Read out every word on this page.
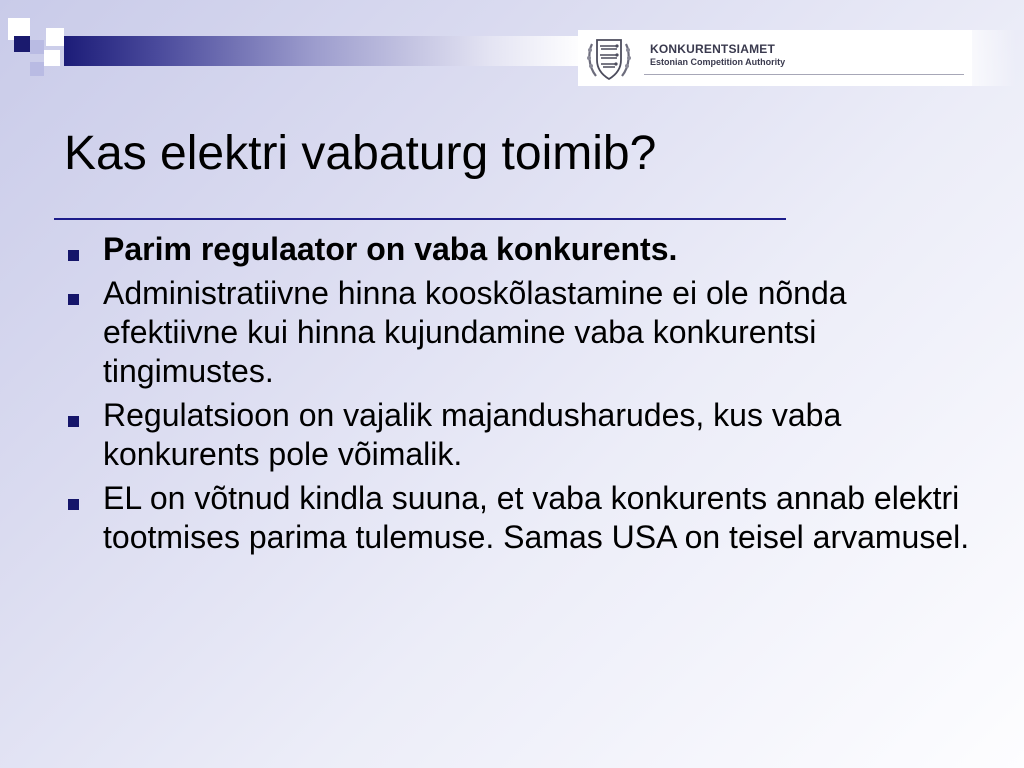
KONKURENTSIAMET
Estonian Competition Authority
Kas elektri vabaturg toimib?
Parim regulaator on vaba konkurents.
Administratiivne hinna kooskõlastamine ei ole nõnda efektiivne kui hinna kujundamine vaba konkurentsi tingimustes.
Regulatsioon on vajalik majandusharudes, kus vaba konkurents pole võimalik.
EL on võtnud kindla suuna, et vaba konkurents annab elektri tootmises parima tulemuse. Samas USA on teisel arvamusel.
